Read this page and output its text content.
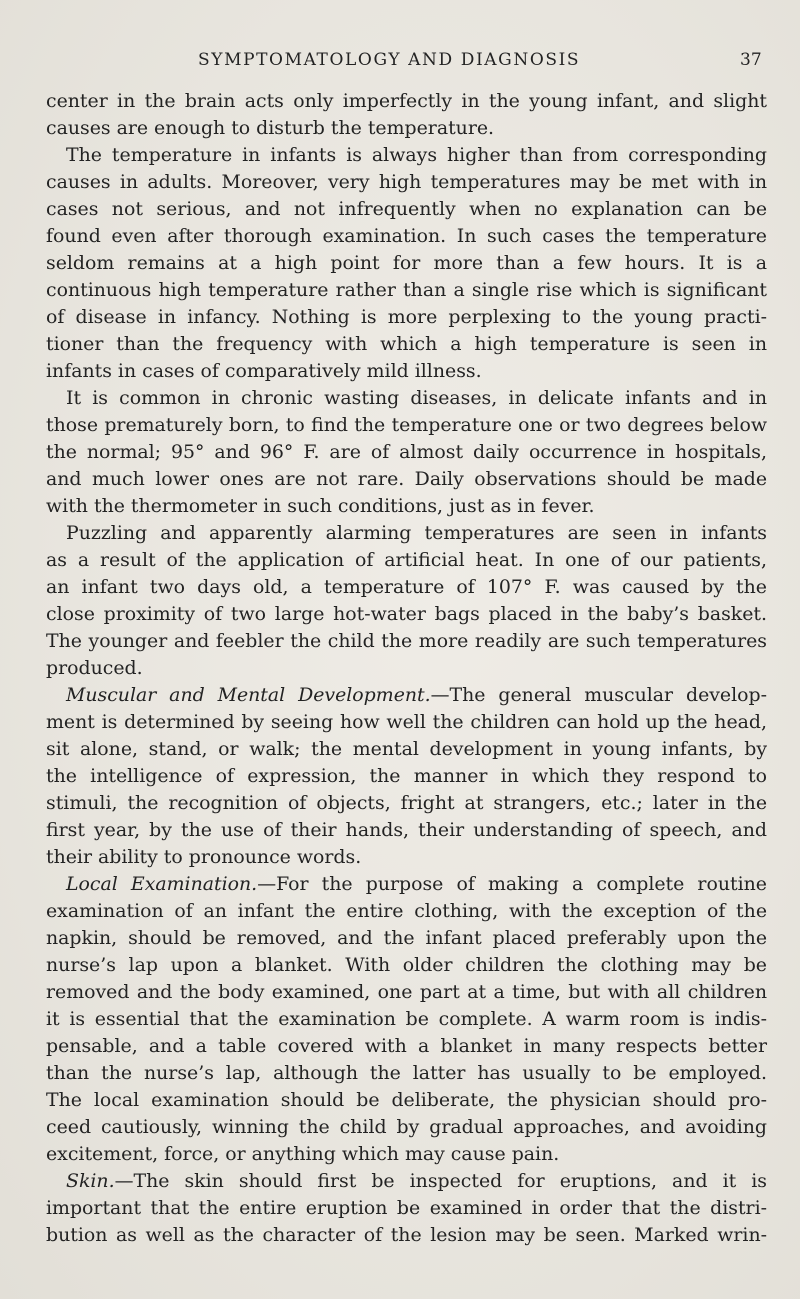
SYMPTOMATOLOGY AND DIAGNOSIS	37
center in the brain acts only imperfectly in the young infant, and slight
causes are enough to disturb the temperature.
The temperature in infants is always higher than from corresponding
causes in adults. Moreover, very high temperatures may be met with in
cases not serious, and not infrequently when no explanation can be
found even after thorough examination. In such cases the temperature
seldom remains at a high point for more than a few hours. It is a
continuous high temperature rather than a single rise which is significant
of disease in infancy. Nothing is more perplexing to the young practi-
tioner than the frequency with which a high temperature is seen in
infants in cases of comparatively mild illness.
It is common in chronic wasting diseases, in delicate infants and in
those prematurely born, to find the temperature one or two degrees below
the normal; 95° and 96° F. are of almost daily occurrence in hospitals,
and much lower ones are not rare. Daily observations should be made
with the thermometer in such conditions, just as in fever.
Puzzling and apparently alarming temperatures are seen in infants
as a result of the application of artificial heat. In one of our patients,
an infant two days old, a temperature of 107° F. was caused by the
close proximity of two large hot-water bags placed in the baby’s basket.
The younger and feebler the child the more readily are such temperatures
produced.
Muscular and Mental Development.—The general muscular develop-
ment is determined by seeing how well the children can hold up the head,
sit alone, stand, or walk; the mental development in young infants, by
the intelligence of expression, the manner in which they respond to
stimuli, the recognition of objects, fright at strangers, etc.; later in the
first year, by the use of their hands, their understanding of speech, and
their ability to pronounce words.
Local Examination.—For the purpose of making a complete routine
examination of an infant the entire clothing, with the exception of the
napkin, should be removed, and the infant placed preferably upon the
nurse’s lap upon a blanket. With older children the clothing may be
removed and the body examined, one part at a time, but with all children
it is essential that the examination be complete. A warm room is indis-
pensable, and a table covered with a blanket in many respects better
than the nurse’s lap, although the latter has usually to be employed.
The local examination should be deliberate, the physician should pro-
ceed cautiously, winning the child by gradual approaches, and avoiding
excitement, force, or anything which may cause pain.
Skin.—The skin should first be inspected for eruptions, and it is
important that the entire eruption be examined in order that the distri-
bution as well as the character of the lesion may be seen. Marked wrin-
